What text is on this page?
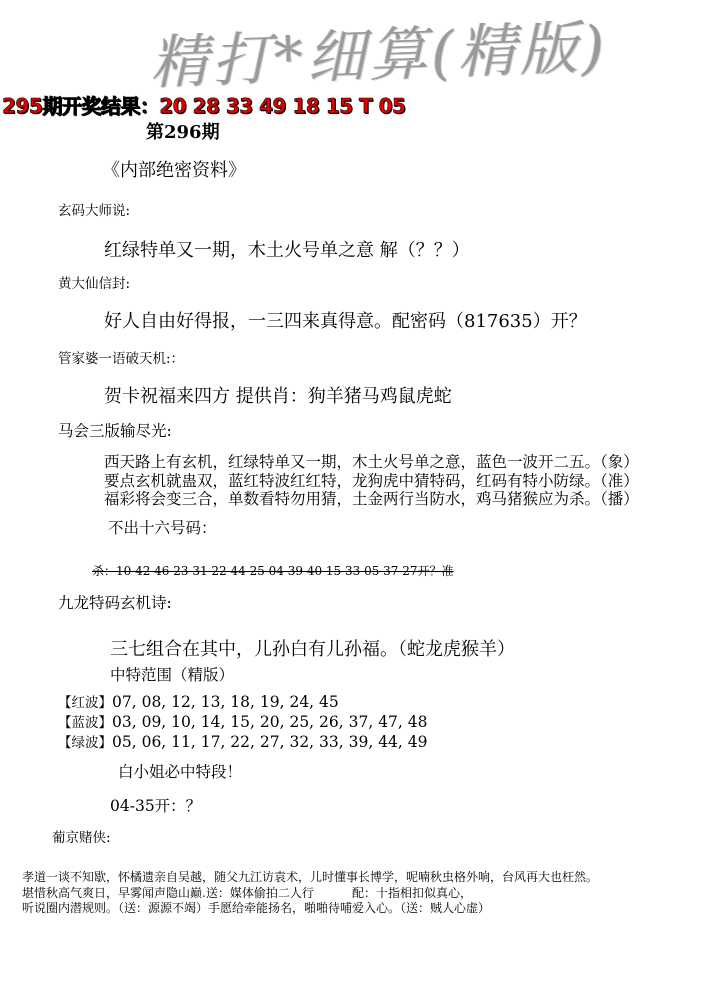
精打*细算(精版)
295期开奖结果：20 28 33 49 18 15 T 05
第296期
《内部绝密资料》
玄码大师说:
红绿特单又一期，木土火号单之意 解（？？）
黄大仙信封:
好人自由好得报，一三四来真得意。配密码（817635）开？
管家婆一语破天机:：
贺卡祝福来四方 提供肖：狗羊猪马鸡鼠虎蛇
马会三版输尽光:
西天路上有玄机，红绿特单又一期，木土火号单之意，蓝色一波开二五。（象）
要点玄机就蛊双，蓝红特波红红特，龙狗虎中猜特码，红码有特小防绿。（准）
福彩将会变三合，单数看特勿用猜，土金两行当防水，鸡马猪猴应为杀。（播）
不出十六号码：
杀：10 42 46 23 31 22 44 25 04 39 40 15 33 05 37 27开？准
九龙特码玄机诗:
三七组合在其中，儿孙白有儿孙福。（蛇龙虎猴羊）
中特范围（精版）
【红波】07, 08, 12, 13, 18, 19, 24, 45
【蓝波】03, 09, 10, 14, 15, 20, 25, 26, 37, 47, 48
【绿波】05, 06, 11, 17, 22, 27, 32, 33, 39, 44, 49
白小姐必中特段！
04-35开：？
葡京赌侠:
孝道一谈不知歇，怀橘遗亲自吴越，随父九江访袁术，儿时懂事长博学，呢喃秋虫格外响，台风再大也枉然。
堪惜秋高气爽日，早雾闻声隐山巅.送：媒体偷拍二人行          配：十指相扣似真心，
听说圈内潜规则。（送：源源不竭）手愿给牵能扬名，啪啪待哺爱入心。（送：贼人心虚）
